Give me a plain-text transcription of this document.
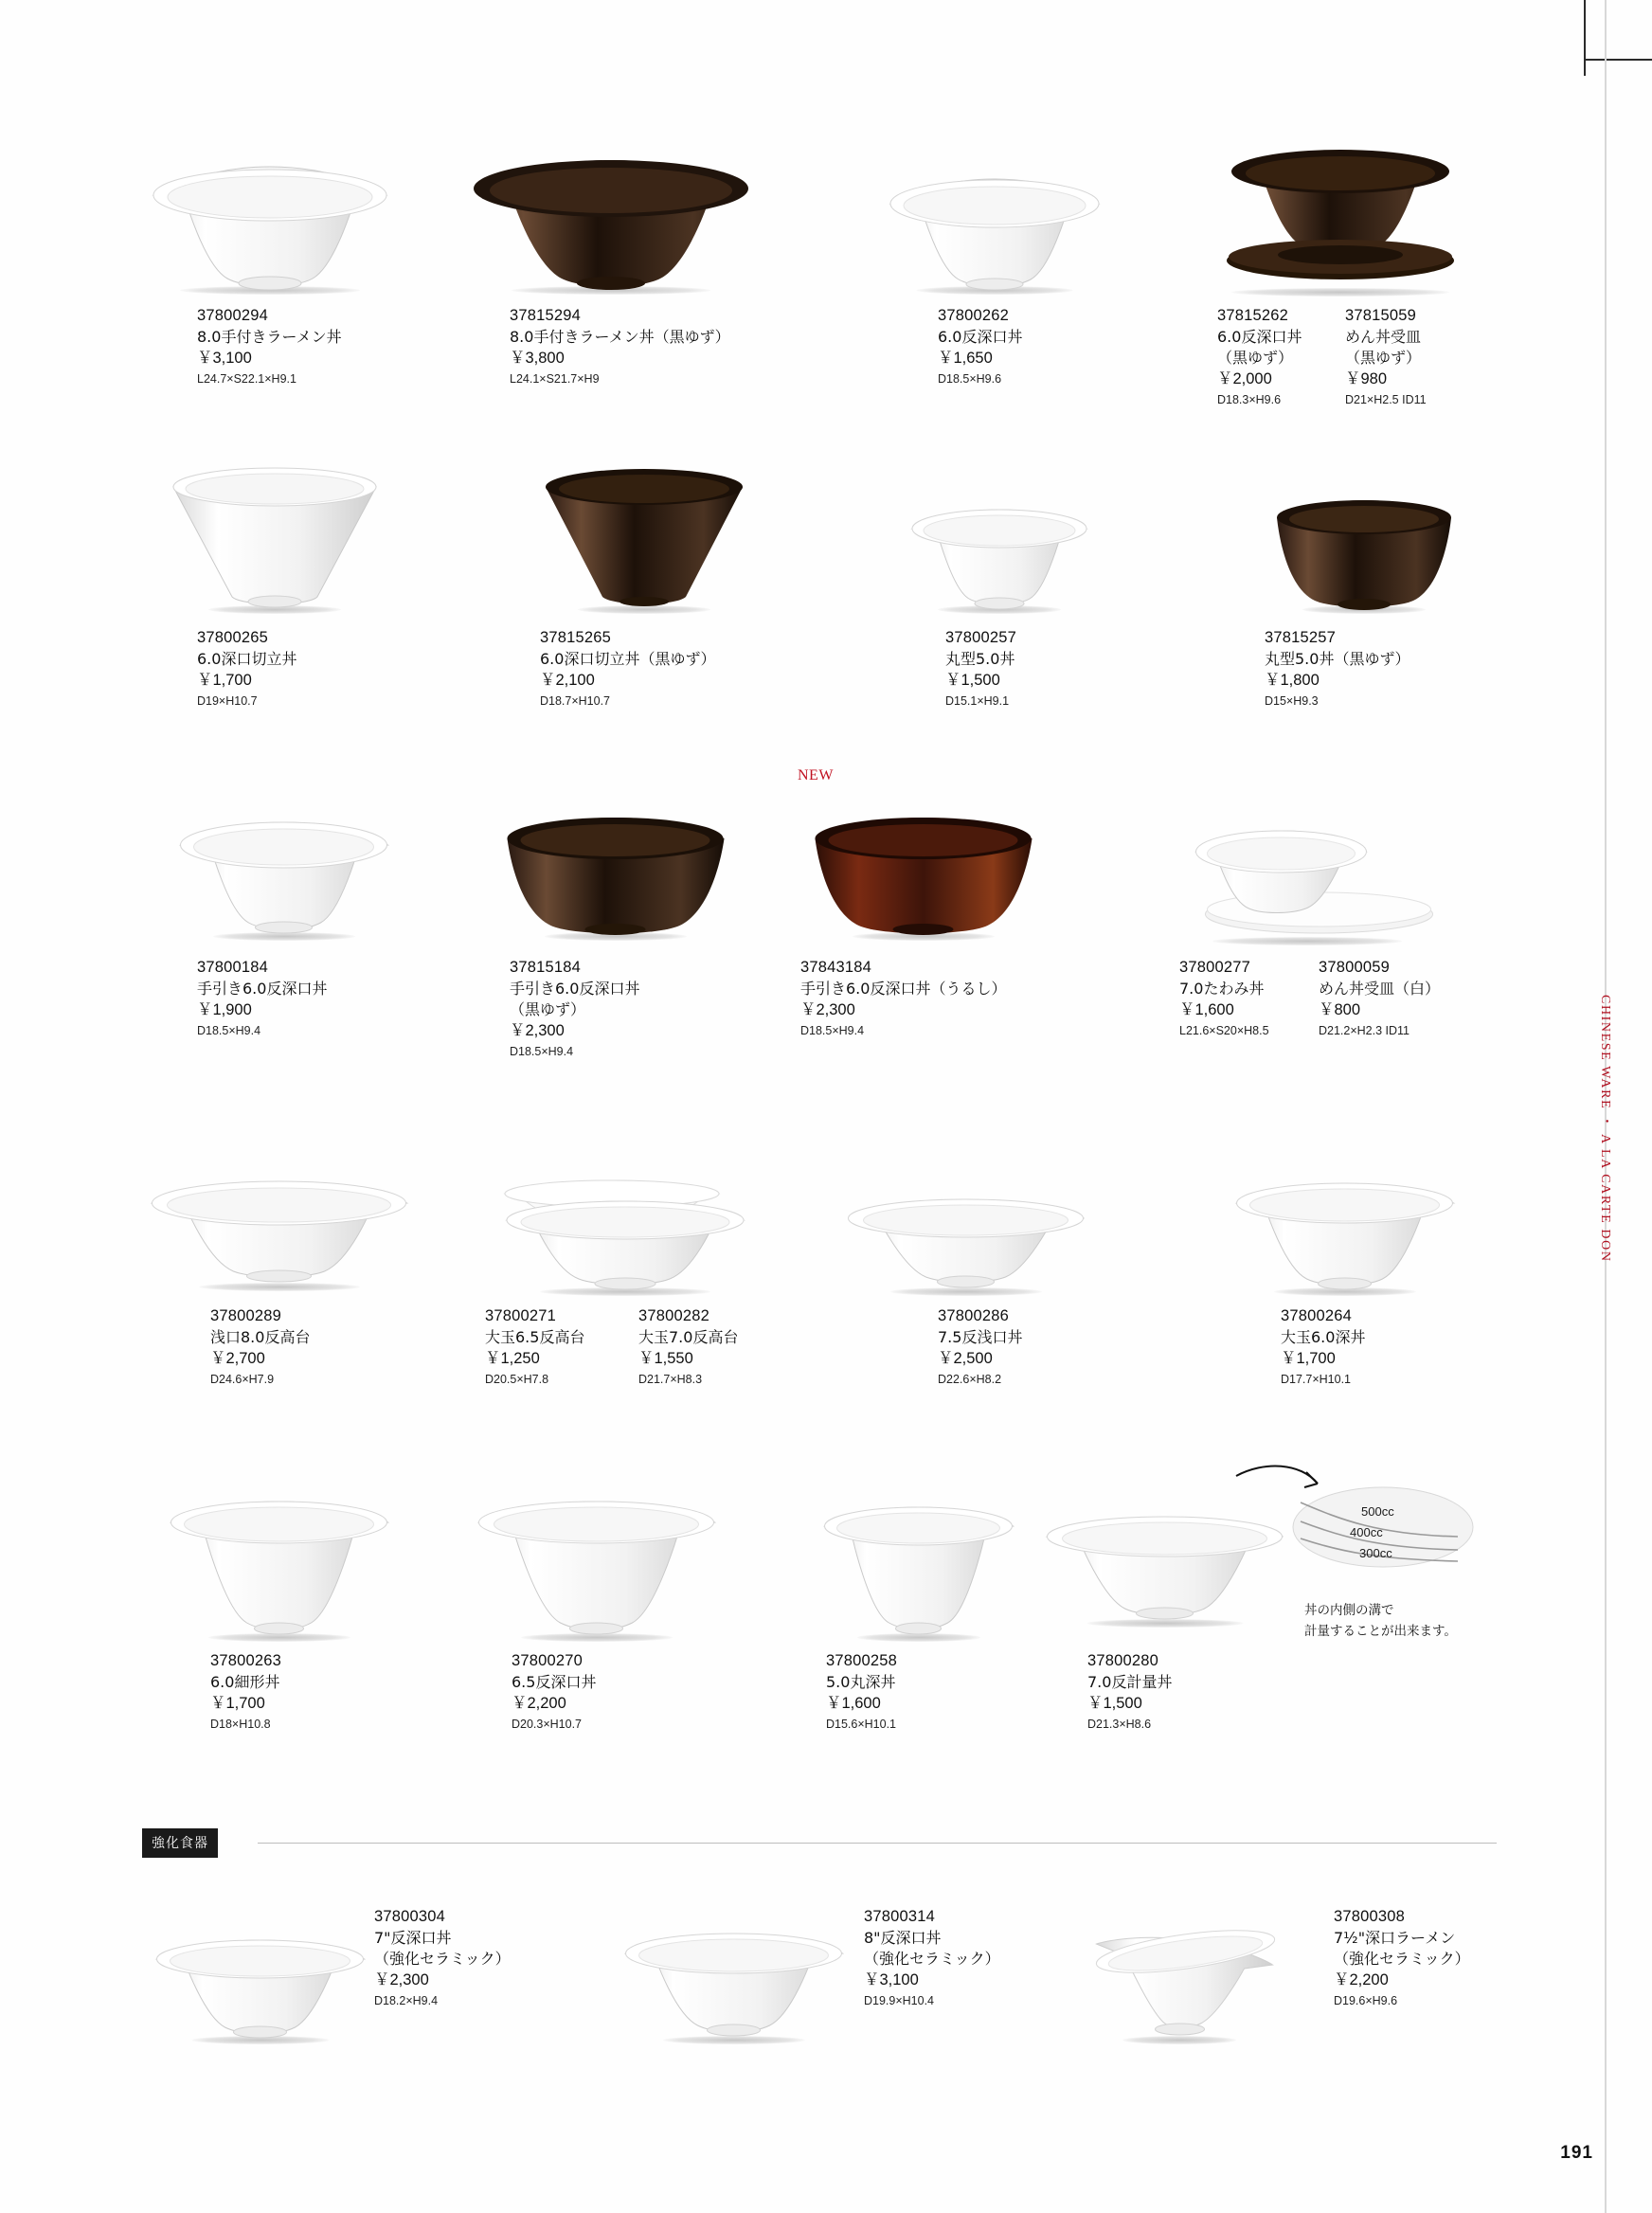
CHINESE WARE ・ A LA CARTE DON
37800294
8.0手付きラーメン丼
￥3,100
L24.7×S22.1×H9.1
37815294
8.0手付きラーメン丼（黒ゆず）
￥3,800
L24.1×S21.7×H9
37800262
6.0反深口丼
￥1,650
D18.5×H9.6
37815262
6.0反深口丼
（黒ゆず）
￥2,000
D18.3×H9.6
37815059
めん丼受皿
（黒ゆず）
￥980
D21×H2.5 ID11
37800265
6.0深口切立丼
￥1,700
D19×H10.7
37815265
6.0深口切立丼（黒ゆず）
￥2,100
D18.7×H10.7
37800257
丸型5.0丼
￥1,500
D15.1×H9.1
37815257
丸型5.0丼（黒ゆず）
￥1,800
D15×H9.3
NEW
37800184
手引き6.0反深口丼
￥1,900
D18.5×H9.4
37815184
手引き6.0反深口丼
（黒ゆず）
￥2,300
D18.5×H9.4
37843184
手引き6.0反深口丼（うるし）
￥2,300
D18.5×H9.4
37800277
7.0たわみ丼
￥1,600
L21.6×S20×H8.5
37800059
めん丼受皿（白）
￥800
D21.2×H2.3 ID11
37800289
浅口8.0反高台
￥2,700
D24.6×H7.9
37800271
大玉6.5反高台
￥1,250
D20.5×H7.8
37800282
大玉7.0反高台
￥1,550
D21.7×H8.3
37800286
7.5反浅口丼
￥2,500
D22.6×H8.2
37800264
大玉6.0深丼
￥1,700
D17.7×H10.1
37800263
6.0細形丼
￥1,700
D18×H10.8
37800270
6.5反深口丼
￥2,200
D20.3×H10.7
37800258
5.0丸深丼
￥1,600
D15.6×H10.1
37800280
7.0反計量丼
￥1,500
D21.3×H8.6
500cc
400cc
300cc
丼の内側の溝で
計量することが出来ます。
強化食器
37800304
7"反深口丼
（強化セラミック）
￥2,300
D18.2×H9.4
37800314
8"反深口丼
（強化セラミック）
￥3,100
D19.9×H10.4
37800308
7½"深口ラーメン
（強化セラミック）
￥2,200
D19.6×H9.6
191
